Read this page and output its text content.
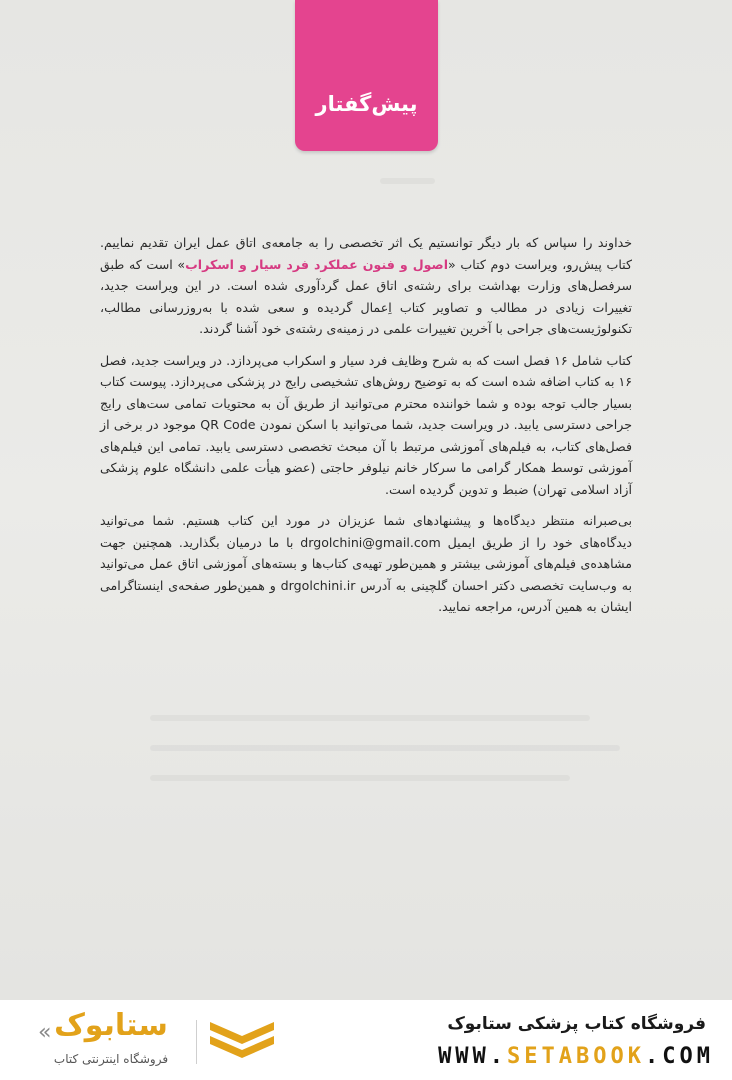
پیش‌گفتار

خداوند را سپاس که بار دیگر توانستیم یک اثر تخصصی را به جامعه‌ی اتاق عمل ایران تقدیم نماییم. کتاب پیش‌رو، ویراست دوم کتاب «اصول و فنون عملکرد فرد سیار و اسکراب» است که طبق سرفصل‌های وزارت بهداشت برای رشته‌ی اتاق عمل گردآوری شده است. در این ویراست جدید، تغییرات زیادی در مطالب و تصاویر کتاب اِعمال گردیده و سعی شده با به‌روزرسانی مطالب، تکنولوژیست‌های جراحی با آخرین تغییرات علمی در زمینه‌ی رشته‌ی خود آشنا گردند.

کتاب شامل ۱۶ فصل است که به شرح وظایف فرد سیار و اسکراب می‌پردازد. در ویراست جدید، فصل ۱۶ به کتاب اضافه شده است که به توضیح روش‌های تشخیصی رایج در پزشکی می‌پردازد. پیوست کتاب بسیار جالب توجه بوده و شما خواننده محترم می‌توانید از طریق آن به محتویات تمامی ست‌های رایج جراحی دسترسی یابید. در ویراست جدید، شما می‌توانید با اسکن نمودن QR Code موجود در برخی از فصل‌های کتاب، به فیلم‌های آموزشی مرتبط با آن مبحث تخصصی دسترسی یابید. تمامی این فیلم‌های آموزشی توسط همکار گرامی ما سرکار خانم نیلوفر حاجتی (عضو هیأت علمی دانشگاه علوم پزشکی آزاد اسلامی تهران) ضبط و تدوین گردیده است.

بی‌صبرانه منتظر دیدگاه‌ها و پیشنهادهای شما عزیزان در مورد این کتاب هستیم. شما می‌توانید دیدگاه‌های خود را از طریق ایمیل drgolchini@gmail.com با ما درمیان بگذارید. همچنین جهت مشاهده‌ی فیلم‌های آموزشی بیشتر و همین‌طور تهیه‌ی کتاب‌ها و بسته‌های آموزشی اتاق عمل می‌توانید به وب‌سایت تخصصی دکتر احسان گلچینی به آدرس drgolchini.ir و همین‌طور صفحه‌ی اینستاگرامی ایشان به همین آدرس، مراجعه نمایید.

« ستابوک
فروشگاه اینترنتی کتاب
فروشگاه کتاب پزشکی ستابوک
WWW.SETABOOK.COM
